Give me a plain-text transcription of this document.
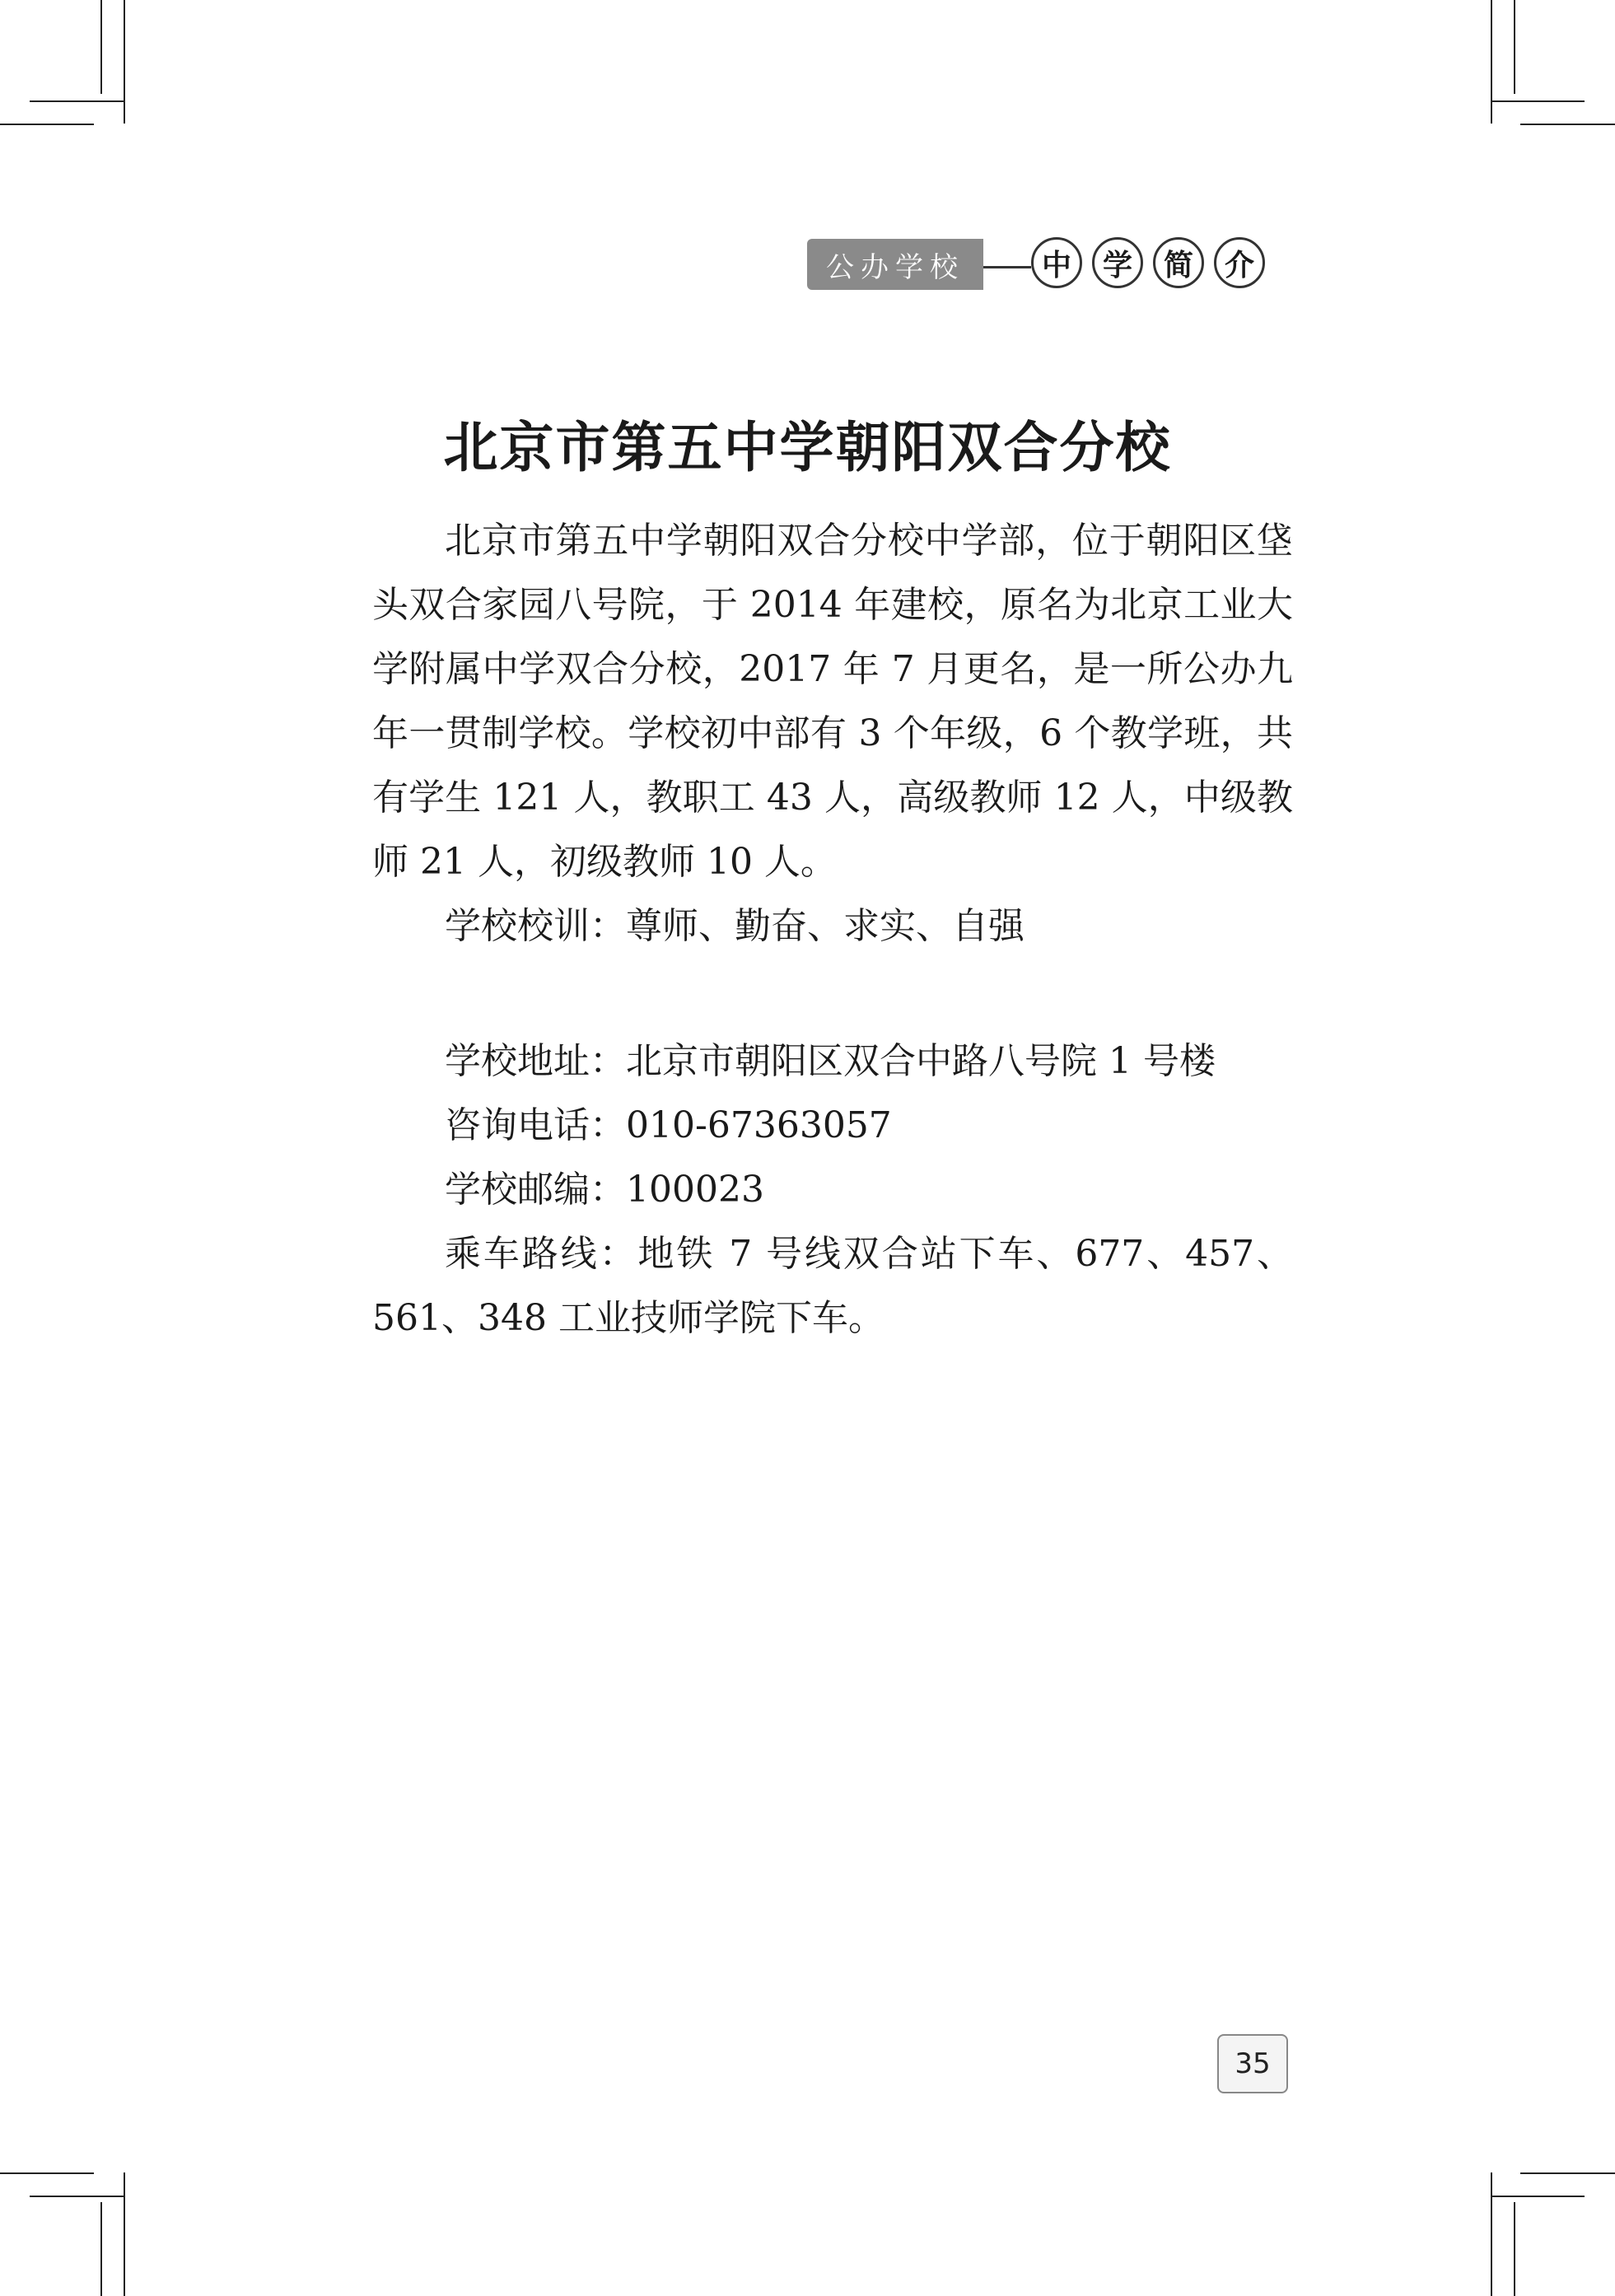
公办学校	中	学	简	介
北京市第五中学朝阳双合分校

北京市第五中学朝阳双合分校中学部，位于朝阳区垡头双合家园八号院，于 2014 年建校，原名为北京工业大学附属中学双合分校，2017 年 7 月更名，是一所公办九年一贯制学校。学校初中部有 3 个年级，6 个教学班，共有学生 121 人，教职工 43 人，高级教师 12 人，中级教师 21 人，初级教师 10 人。

学校校训：尊师、勤奋、求实、自强

学校地址：北京市朝阳区双合中路八号院 1 号楼

咨询电话：010-67363057

学校邮编：100023

乘车路线：地铁 7 号线双合站下车、677、457、561、348 工业技师学院下车。

35
